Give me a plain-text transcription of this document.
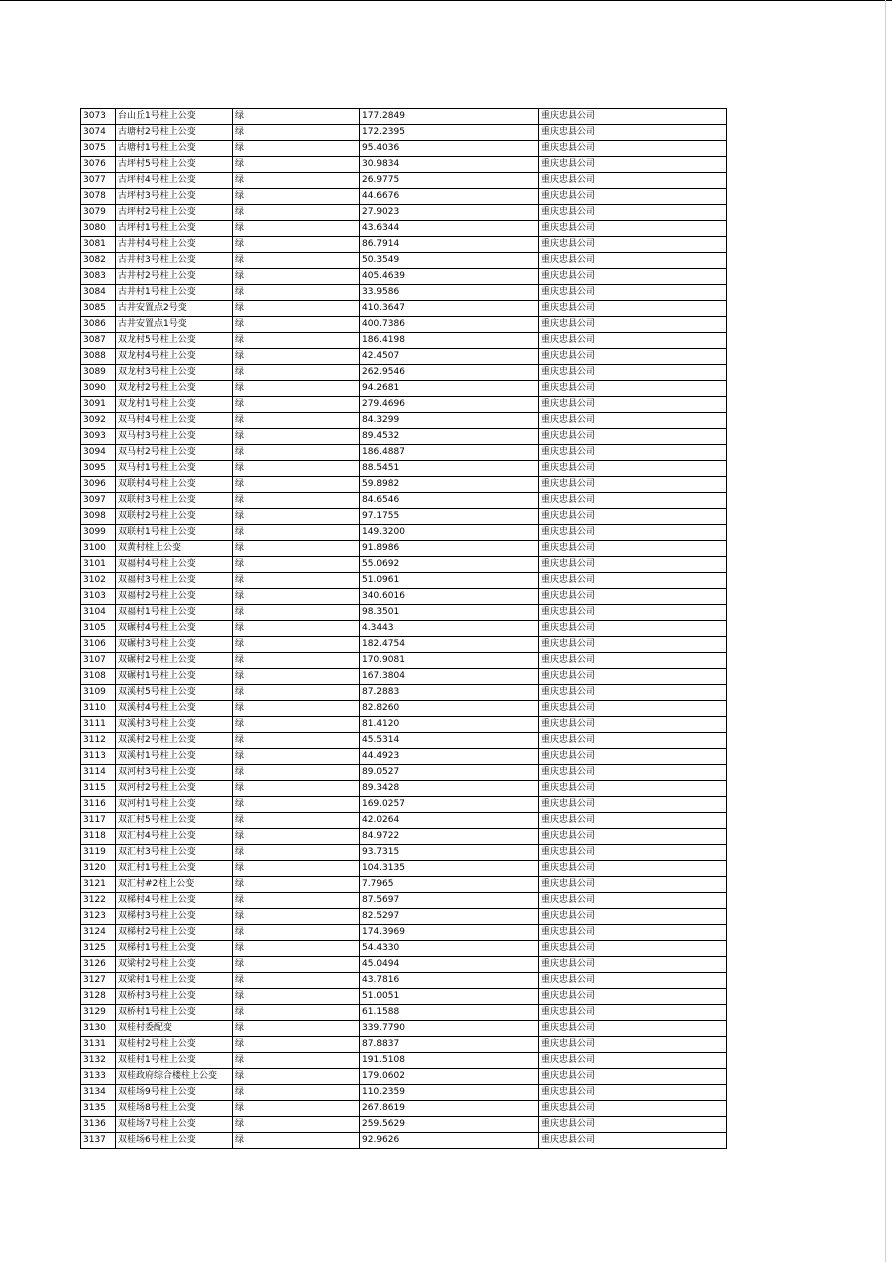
3073	台山丘1号柱上公变	绿	177.2849	重庆忠县公司
3074	古塘村2号柱上公变	绿	172.2395	重庆忠县公司
3075	古塘村1号柱上公变	绿	95.4036	重庆忠县公司
3076	古坪村5号柱上公变	绿	30.9834	重庆忠县公司
3077	古坪村4号柱上公变	绿	26.9775	重庆忠县公司
3078	古坪村3号柱上公变	绿	44.6676	重庆忠县公司
3079	古坪村2号柱上公变	绿	27.9023	重庆忠县公司
3080	古坪村1号柱上公变	绿	43.6344	重庆忠县公司
3081	古井村4号柱上公变	绿	86.7914	重庆忠县公司
3082	古井村3号柱上公变	绿	50.3549	重庆忠县公司
3083	古井村2号柱上公变	绿	405.4639	重庆忠县公司
3084	古井村1号柱上公变	绿	33.9586	重庆忠县公司
3085	古井安置点2号变	绿	410.3647	重庆忠县公司
3086	古井安置点1号变	绿	400.7386	重庆忠县公司
3087	双龙村5号柱上公变	绿	186.4198	重庆忠县公司
3088	双龙村4号柱上公变	绿	42.4507	重庆忠县公司
3089	双龙村3号柱上公变	绿	262.9546	重庆忠县公司
3090	双龙村2号柱上公变	绿	94.2681	重庆忠县公司
3091	双龙村1号柱上公变	绿	279.4696	重庆忠县公司
3092	双马村4号柱上公变	绿	84.3299	重庆忠县公司
3093	双马村3号柱上公变	绿	89.4532	重庆忠县公司
3094	双马村2号柱上公变	绿	186.4887	重庆忠县公司
3095	双马村1号柱上公变	绿	88.5451	重庆忠县公司
3096	双联村4号柱上公变	绿	59.8982	重庆忠县公司
3097	双联村3号柱上公变	绿	84.6546	重庆忠县公司
3098	双联村2号柱上公变	绿	97.1755	重庆忠县公司
3099	双联村1号柱上公变	绿	149.3200	重庆忠县公司
3100	双黄村柱上公变	绿	91.8986	重庆忠县公司
3101	双福村4号柱上公变	绿	55.0692	重庆忠县公司
3102	双福村3号柱上公变	绿	51.0961	重庆忠县公司
3103	双福村2号柱上公变	绿	340.6016	重庆忠县公司
3104	双福村1号柱上公变	绿	98.3501	重庆忠县公司
3105	双碾村4号柱上公变	绿	4.3443	重庆忠县公司
3106	双碾村3号柱上公变	绿	182.4754	重庆忠县公司
3107	双碾村2号柱上公变	绿	170.9081	重庆忠县公司
3108	双碾村1号柱上公变	绿	167.3804	重庆忠县公司
3109	双溪村5号柱上公变	绿	87.2883	重庆忠县公司
3110	双溪村4号柱上公变	绿	82.8260	重庆忠县公司
3111	双溪村3号柱上公变	绿	81.4120	重庆忠县公司
3112	双溪村2号柱上公变	绿	45.5314	重庆忠县公司
3113	双溪村1号柱上公变	绿	44.4923	重庆忠县公司
3114	双河村3号柱上公变	绿	89.0527	重庆忠县公司
3115	双河村2号柱上公变	绿	89.3428	重庆忠县公司
3116	双河村1号柱上公变	绿	169.0257	重庆忠县公司
3117	双汇村5号柱上公变	绿	42.0264	重庆忠县公司
3118	双汇村4号柱上公变	绿	84.9722	重庆忠县公司
3119	双汇村3号柱上公变	绿	93.7315	重庆忠县公司
3120	双汇村1号柱上公变	绿	104.3135	重庆忠县公司
3121	双汇村#2柱上公变	绿	7.7965	重庆忠县公司
3122	双梯村4号柱上公变	绿	87.5697	重庆忠县公司
3123	双梯村3号柱上公变	绿	82.5297	重庆忠县公司
3124	双梯村2号柱上公变	绿	174.3969	重庆忠县公司
3125	双梯村1号柱上公变	绿	54.4330	重庆忠县公司
3126	双梁村2号柱上公变	绿	45.0494	重庆忠县公司
3127	双梁村1号柱上公变	绿	43.7816	重庆忠县公司
3128	双桥村3号柱上公变	绿	51.0051	重庆忠县公司
3129	双桥村1号柱上公变	绿	61.1588	重庆忠县公司
3130	双桂村委配变	绿	339.7790	重庆忠县公司
3131	双桂村2号柱上公变	绿	87.8837	重庆忠县公司
3132	双桂村1号柱上公变	绿	191.5108	重庆忠县公司
3133	双桂政府综合楼柱上公变	绿	179.0602	重庆忠县公司
3134	双桂场9号柱上公变	绿	110.2359	重庆忠县公司
3135	双桂场8号柱上公变	绿	267.8619	重庆忠县公司
3136	双桂场7号柱上公变	绿	259.5629	重庆忠县公司
3137	双桂场6号柱上公变	绿	92.9626	重庆忠县公司
